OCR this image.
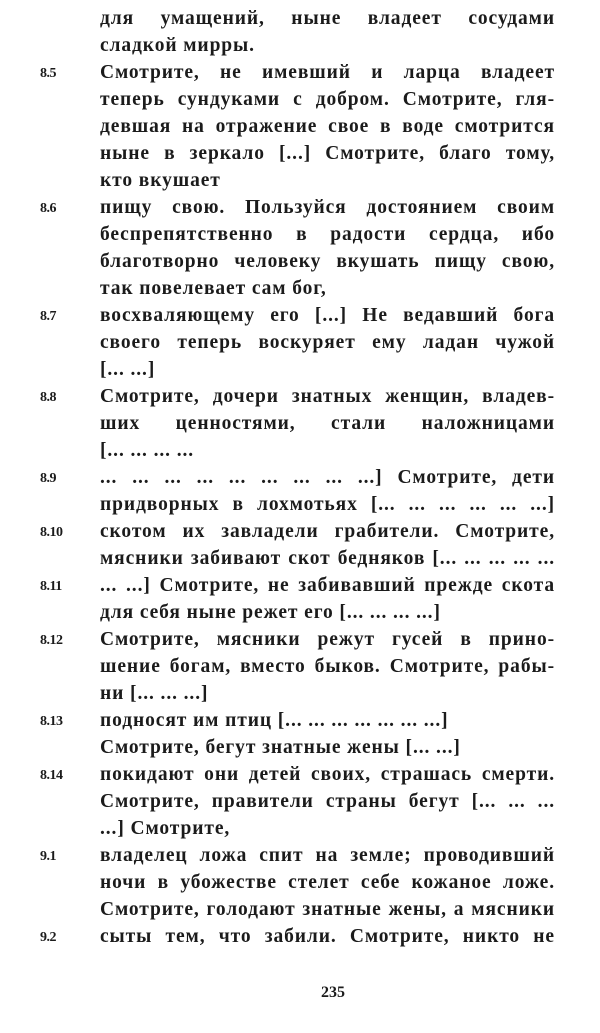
для умащений, ныне владеет сосудами
сладкой мирры.
8.5	Смотрите, не имевший и ларца владеет
теперь сундуками с добром. Смотрите, гля-
девшая на отражение свое в воде смотрится
ныне в зеркало [...] Смотрите, благо тому,
кто вкушает
8.6	пищу свою. Пользуйся достоянием своим
беспрепятственно в радости сердца, ибо
благотворно человеку вкушать пищу свою,
так повелевает сам бог,
8.7	восхваляющему его [...] Не ведавший бога
своего теперь воскуряет ему ладан чужой
[... ...]
8.8	Смотрите, дочери знатных женщин, владев-
ших ценностями, стали наложницами
[... ... ... ...
8.9	... ... ... ... ... ... ... ... ...] Смотрите, дети
придворных в лохмотьях [... ... ... ... ... ...]
8.10	скотом их завладели грабители. Смотрите,
мясники забивают скот бедняков [... ... ... ... ...
8.11	... ...] Смотрите, не забивавший прежде скота
для себя ныне режет его [... ... ... ...]
8.12	Смотрите, мясники режут гусей в прино-
шение богам, вместо быков. Смотрите, рабы-
ни [... ... ...]
8.13	подносят им птиц [... ... ... ... ... ... ...]
Смотрите, бегут знатные жены [... ...]
8.14	покидают они детей своих, страшась смерти.
Смотрите, правители страны бегут [... ... ...
...] Смотрите,
9.1	владелец ложа спит на земле; проводивший
ночи в убожестве стелет себе кожаное ложе.
Смотрите, голодают знатные жены, а мясники
9.2	сыты тем, что забили. Смотрите, никто не
235
